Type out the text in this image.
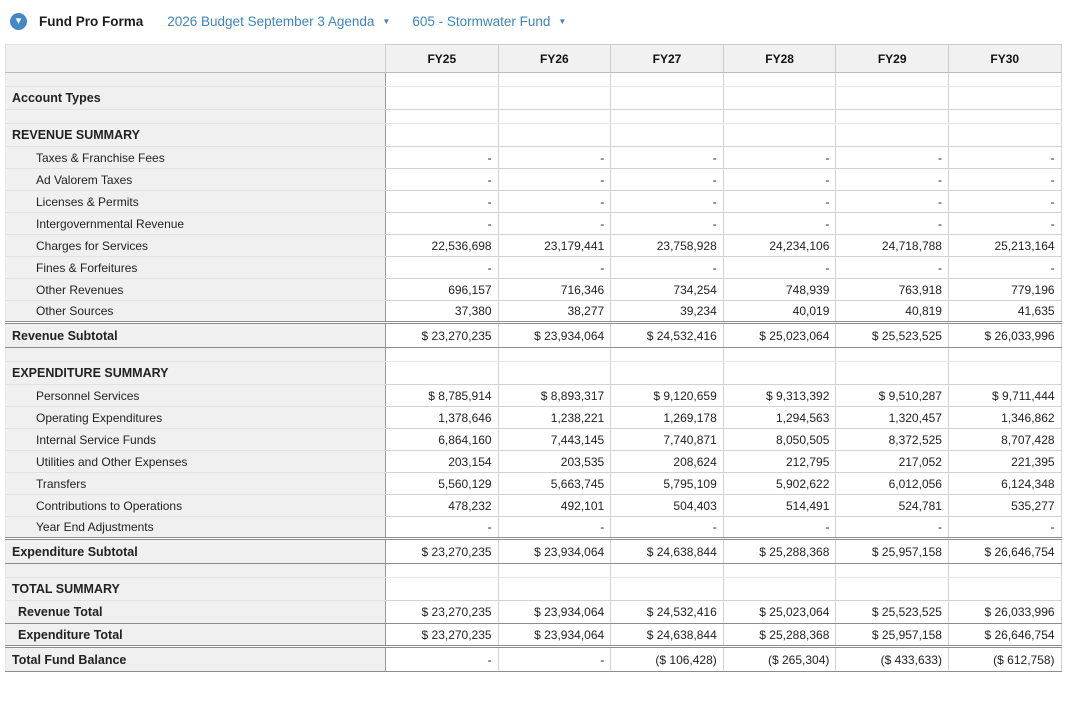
▾ Fund Pro Forma 2026 Budget September 3 Agenda ▼ 605 - Stormwater Fund ▼
	FY25	FY26	FY27	FY28	FY29	FY30

Account Types						

REVENUE SUMMARY						
Taxes & Franchise Fees	-	-	-	-	-	-
Ad Valorem Taxes	-	-	-	-	-	-
Licenses & Permits	-	-	-	-	-	-
Intergovernmental Revenue	-	-	-	-	-	-
Charges for Services	22,536,698	23,179,441	23,758,928	24,234,106	24,718,788	25,213,164
Fines & Forfeitures	-	-	-	-	-	-
Other Revenues	696,157	716,346	734,254	748,939	763,918	779,196
Other Sources	37,380	38,277	39,234	40,019	40,819	41,635
Revenue Subtotal	$ 23,270,235	$ 23,934,064	$ 24,532,416	$ 25,023,064	$ 25,523,525	$ 26,033,996

EXPENDITURE SUMMARY						
Personnel Services	$ 8,785,914	$ 8,893,317	$ 9,120,659	$ 9,313,392	$ 9,510,287	$ 9,711,444
Operating Expenditures	1,378,646	1,238,221	1,269,178	1,294,563	1,320,457	1,346,862
Internal Service Funds	6,864,160	7,443,145	7,740,871	8,050,505	8,372,525	8,707,428
Utilities and Other Expenses	203,154	203,535	208,624	212,795	217,052	221,395
Transfers	5,560,129	5,663,745	5,795,109	5,902,622	6,012,056	6,124,348
Contributions to Operations	478,232	492,101	504,403	514,491	524,781	535,277
Year End Adjustments	-	-	-	-	-	-
Expenditure Subtotal	$ 23,270,235	$ 23,934,064	$ 24,638,844	$ 25,288,368	$ 25,957,158	$ 26,646,754

TOTAL SUMMARY						
Revenue Total	$ 23,270,235	$ 23,934,064	$ 24,532,416	$ 25,023,064	$ 25,523,525	$ 26,033,996
Expenditure Total	$ 23,270,235	$ 23,934,064	$ 24,638,844	$ 25,288,368	$ 25,957,158	$ 26,646,754
Total Fund Balance	-	-	($ 106,428)	($ 265,304)	($ 433,633)	($ 612,758)
